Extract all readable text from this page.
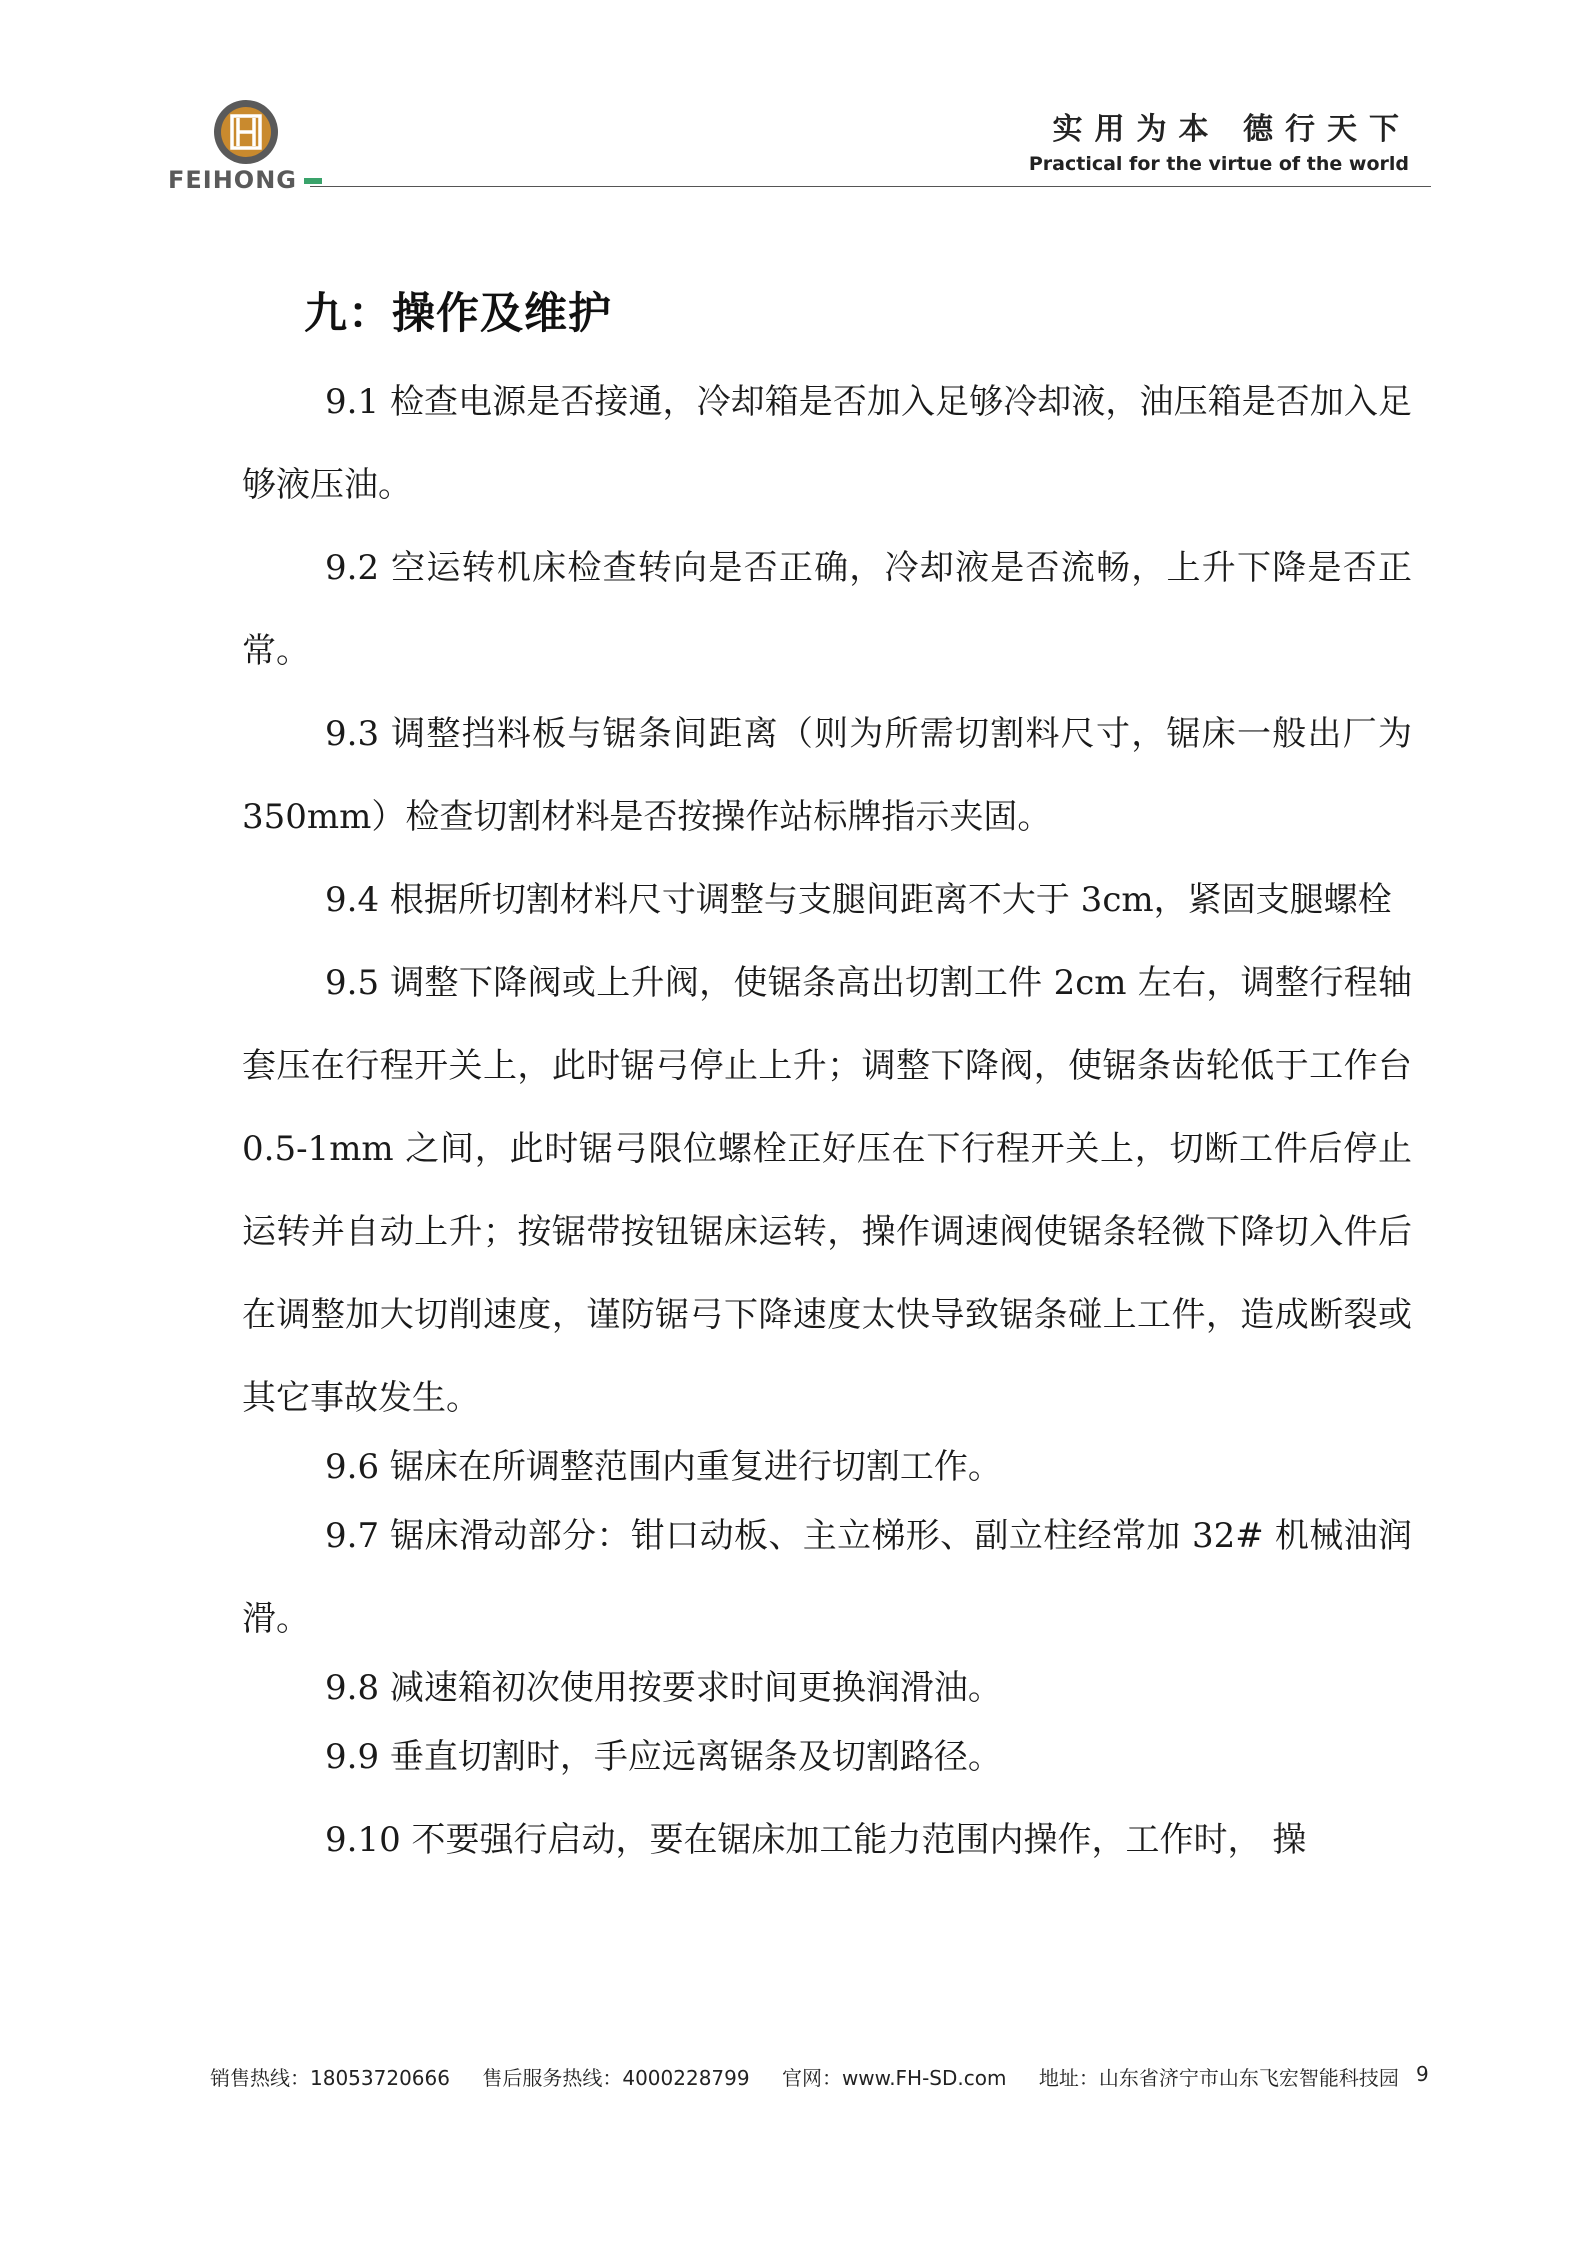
FEIHONG
实用为本 德行天下
Practical for the virtue of the world
九：操作及维护

9.1 检查电源是否接通，冷却箱是否加入足够冷却液，油压箱是否加入足够液压油。

9.2 空运转机床检查转向是否正确，冷却液是否流畅，上升下降是否正常。

9.3 调整挡料板与锯条间距离（则为所需切割料尺寸，锯床一般出厂为350mm）检查切割材料是否按操作站标牌指示夹固。

9.4 根据所切割材料尺寸调整与支腿间距离不大于 3cm，紧固支腿螺栓

9.5 调整下降阀或上升阀，使锯条高出切割工件 2cm 左右，调整行程轴套压在行程开关上，此时锯弓停止上升；调整下降阀，使锯条齿轮低于工作台 0.5-1mm 之间，此时锯弓限位螺栓正好压在下行程开关上，切断工件后停止运转并自动上升；按锯带按钮锯床运转，操作调速阀使锯条轻微下降切入件后在调整加大切削速度，谨防锯弓下降速度太快导致锯条碰上工件，造成断裂或其它事故发生。

9.6 锯床在所调整范围内重复进行切割工作。

9.7 锯床滑动部分：钳口动板、主立梯形、副立柱经常加 32# 机械油润滑。

9.8 减速箱初次使用按要求时间更换润滑油。

9.9 垂直切割时，手应远离锯条及切割路径。

9.10 不要强行启动，要在锯床加工能力范围内操作，工作时， 操

销售热线：18053720666 售后服务热线：4000228799 官网：www.FH-SD.com 地址：山东省济宁市山东飞宏智能科技园 9
